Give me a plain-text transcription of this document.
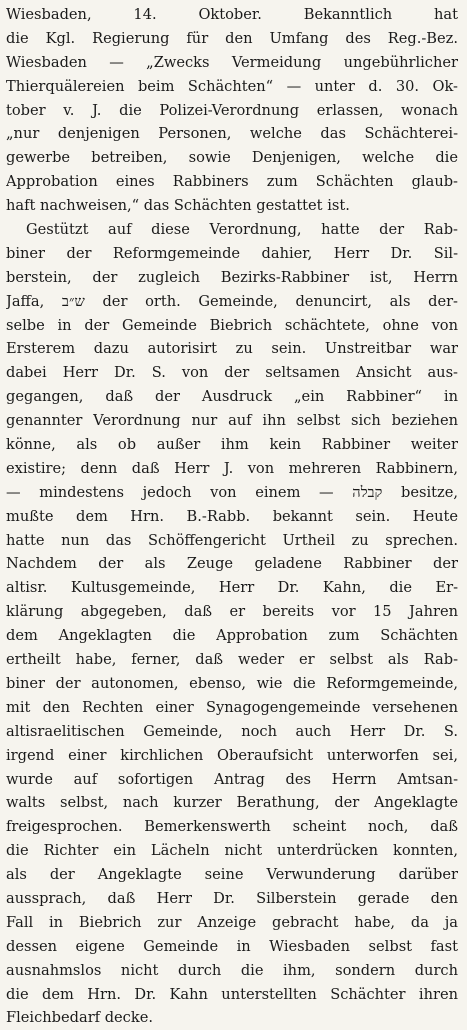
Wiesbaden, 14. Oktober. Bekanntlich hat
die Kgl. Regierung für den Umfang des Reg.-Bez.
Wiesbaden — „Zwecks Vermeidung ungebührlicher
Thierquälereien beim Schächten“ — unter d. 30. Ok-
tober v. J. die Polizei-Verordnung erlassen, wonach
„nur denjenigen Personen, welche das Schächterei-
gewerbe betreiben, sowie Denjenigen, welche die
Approbation eines Rabbiners zum Schächten glaub-
haft nachweisen,“ das Schächten gestattet ist.
Gestützt auf diese Verordnung, hatte der Rab-
biner der Reformgemeinde dahier, Herr Dr. Sil-
berstein, der zugleich Bezirks-Rabbiner ist, Herrn
Jaffa, ש״ב der orth. Gemeinde, denuncirt, als der-
selbe in der Gemeinde Biebrich schächtete, ohne von
Ersterem dazu autorisirt zu sein. Unstreitbar war
dabei Herr Dr. S. von der seltsamen Ansicht aus-
gegangen, daß der Ausdruck „ein Rabbiner“ in
genannter Verordnung nur auf ihn selbst sich beziehen
könne, als ob außer ihm kein Rabbiner weiter
existire; denn daß Herr J. von mehreren Rabbinern,
— mindestens jedoch von einem — קבלה besitze,
mußte dem Hrn. B.-Rabb. bekannt sein. Heute
hatte nun das Schöffengericht Urtheil zu sprechen.
Nachdem der als Zeuge geladene Rabbiner der
altisr. Kultusgemeinde, Herr Dr. Kahn, die Er-
klärung abgegeben, daß er bereits vor 15 Jahren
dem Angeklagten die Approbation zum Schächten
ertheilt habe, ferner, daß weder er selbst als Rab-
biner der autonomen, ebenso, wie die Reformgemeinde,
mit den Rechten einer Synagogengemeinde versehenen
altisraelitischen Gemeinde, noch auch Herr Dr. S.
irgend einer kirchlichen Oberaufsicht unterworfen sei,
wurde auf sofortigen Antrag des Herrn Amtsan-
walts selbst, nach kurzer Berathung, der Angeklagte
freigesprochen. Bemerkenswerth scheint noch, daß
die Richter ein Lächeln nicht unterdrücken konnten,
als der Angeklagte seine Verwunderung darüber
aussprach, daß Herr Dr. Silberstein gerade den
Fall in Biebrich zur Anzeige gebracht habe, da ja
dessen eigene Gemeinde in Wiesbaden selbst fast
ausnahmslos nicht durch die ihm, sondern durch
die dem Hrn. Dr. Kahn unterstellten Schächter ihren
Fleichbedarf decke.
